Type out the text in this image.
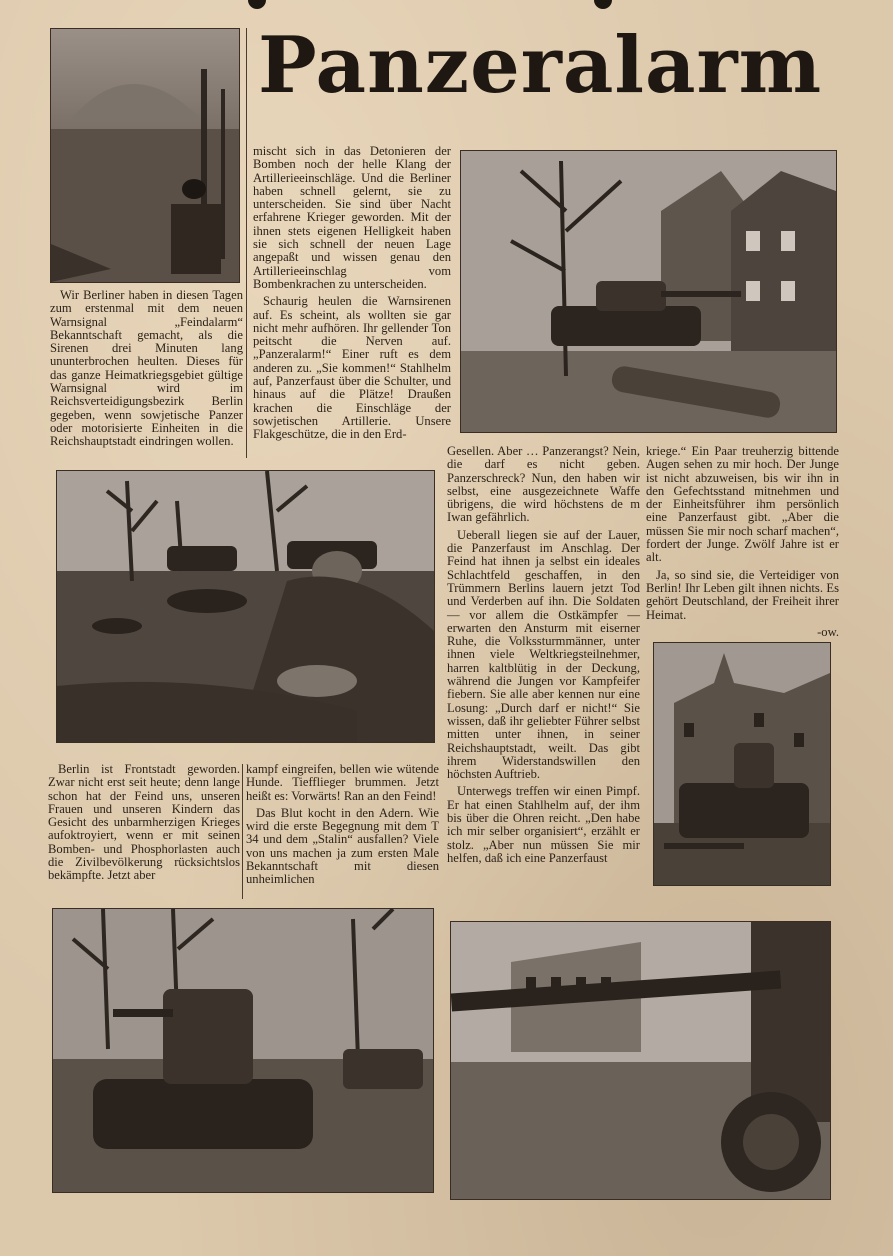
Panzeralarm

Wir Berliner haben in diesen Tagen zum erstenmal mit dem neuen Warnsignal „Feindalarm“ Bekanntschaft gemacht, als die Sirenen drei Minuten lang ununterbrochen heulten. Dieses für das ganze Heimatkriegsgebiet gültige Warnsignal wird im Reichsverteidigungsbezirk Berlin gegeben, wenn sowjetische Panzer oder motorisierte Einheiten in die Reichshauptstadt eindringen wollen.

mischt sich in das Detonieren der Bomben noch der helle Klang der Artillerieeinschläge. Und die Berliner haben schnell gelernt, sie zu unterscheiden. Sie sind über Nacht erfahrene Krieger geworden. Mit der ihnen stets eigenen Helligkeit haben sie sich schnell der neuen Lage angepaßt und wissen genau den Artillerieeinschlag vom Bombenkrachen zu unterscheiden.

Schaurig heulen die Warnsirenen auf. Es scheint, als wollten sie gar nicht mehr aufhören. Ihr gellender Ton peitscht die Nerven auf. „Panzeralarm!“ Einer ruft es dem anderen zu. „Sie kommen!“ Stahlhelm auf, Panzerfaust über die Schulter, und hinaus auf die Plätze! Draußen krachen die Einschläge der sowjetischen Artillerie. Unsere Flakgeschütze, die in den Erd-

Gesellen. Aber … Panzerangst? Nein, die darf es nicht geben. Panzerschreck? Nun, den haben wir selbst, eine ausgezeichnete Waffe übrigens, die wird höchstens de m Iwan gefährlich.

Ueberall liegen sie auf der Lauer, die Panzerfaust im Anschlag. Der Feind hat ihnen ja selbst ein ideales Schlachtfeld geschaffen, in den Trümmern Berlins lauern jetzt Tod und Verderben auf ihn. Die Soldaten — vor allem die Ostkämpfer — erwarten den Ansturm mit eiserner Ruhe, die Volkssturmmänner, unter ihnen viele Weltkriegsteilnehmer, harren kaltblütig in der Deckung, während die Jungen vor Kampfeifer fiebern. Sie alle aber kennen nur eine Losung: „Durch darf er nicht!“ Sie wissen, daß ihr geliebter Führer selbst mitten unter ihnen, in seiner Reichshauptstadt, weilt. Das gibt ihrem Widerstandswillen den höchsten Auftrieb.

Unterwegs treffen wir einen Pimpf. Er hat einen Stahlhelm auf, der ihm bis über die Ohren reicht. „Den habe ich mir selber organisiert“, erzählt er stolz. „Aber nun müssen Sie mir helfen, daß ich eine Panzerfaust

kriege.“ Ein Paar treuherzig bittende Augen sehen zu mir hoch. Der Junge ist nicht abzuweisen, bis wir ihn in den Gefechtsstand mitnehmen und der Einheitsführer ihm persönlich eine Panzerfaust gibt. „Aber die müssen Sie mir noch scharf machen“, fordert der Junge. Zwölf Jahre ist er alt.

Ja, so sind sie, die Verteidiger von Berlin! Ihr Leben gilt ihnen nichts. Es gehört Deutschland, der Freiheit ihrer Heimat.

-ow.

Berlin ist Frontstadt geworden. Zwar nicht erst seit heute; denn lange schon hat der Feind uns, unseren Frauen und unseren Kindern das Gesicht des unbarmherzigen Krieges aufoktroyiert, wenn er mit seinen Bomben- und Phosphorlasten auch die Zivilbevölkerung rücksichtslos bekämpfte. Jetzt aber

kampf eingreifen, bellen wie wütende Hunde. Tiefflieger brummen. Jetzt heißt es: Vorwärts! Ran an den Feind!

Das Blut kocht in den Adern. Wie wird die erste Begegnung mit dem T 34 und dem „Stalin“ ausfallen? Viele von uns machen ja zum ersten Male Bekanntschaft mit diesen unheimlichen
